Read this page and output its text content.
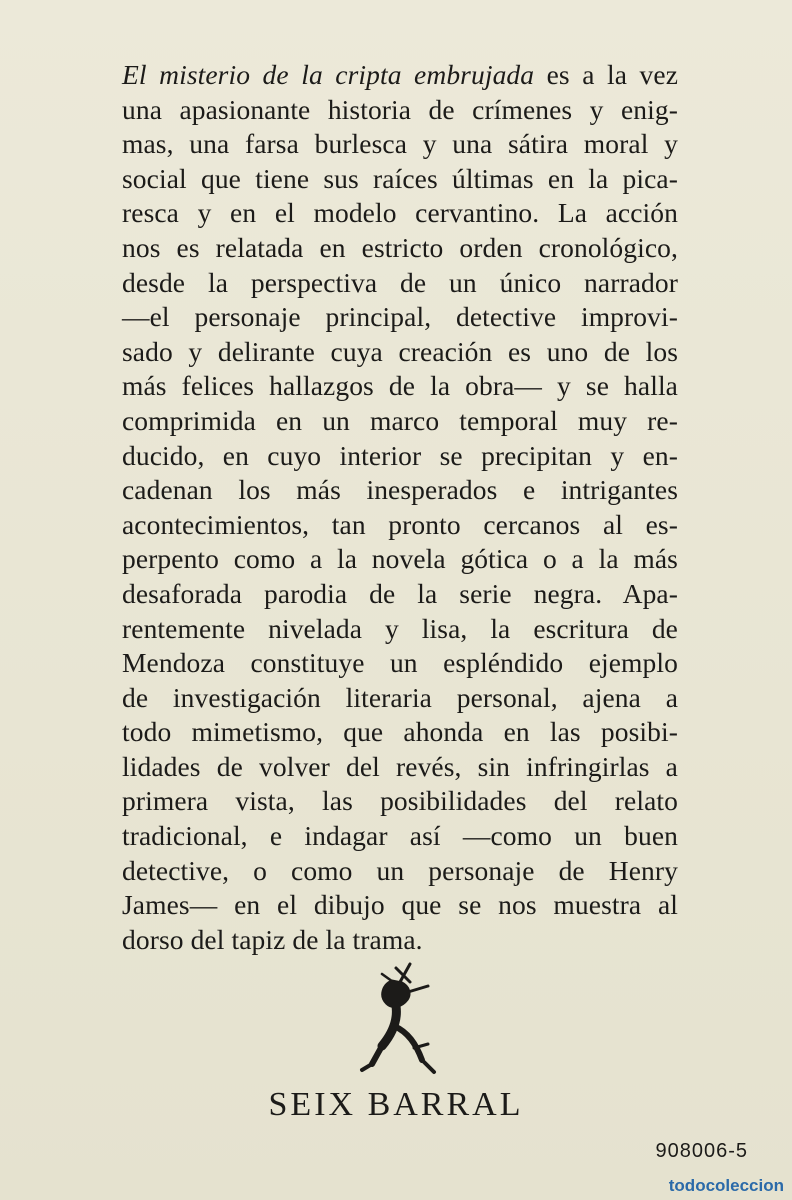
El misterio de la cripta embrujada es a la vez
una apasionante historia de crímenes y enig-
mas, una farsa burlesca y una sátira moral y
social que tiene sus raíces últimas en la pica-
resca y en el modelo cervantino. La acción
nos es relatada en estricto orden cronológico,
desde la perspectiva de un único narrador
—el personaje principal, detective improvi-
sado y delirante cuya creación es uno de los
más felices hallazgos de la obra— y se halla
comprimida en un marco temporal muy re-
ducido, en cuyo interior se precipitan y en-
cadenan los más inesperados e intrigantes
acontecimientos, tan pronto cercanos al es-
perpento como a la novela gótica o a la más
desaforada parodia de la serie negra. Apa-
rentemente nivelada y lisa, la escritura de
Mendoza constituye un espléndido ejemplo
de investigación literaria personal, ajena a
todo mimetismo, que ahonda en las posibi-
lidades de volver del revés, sin infringirlas a
primera vista, las posibilidades del relato
tradicional, e indagar así —como un buen
detective, o como un personaje de Henry
James— en el dibujo que se nos muestra al
dorso del tapiz de la trama.
SEIX BARRAL
908006-5
todocoleccion
